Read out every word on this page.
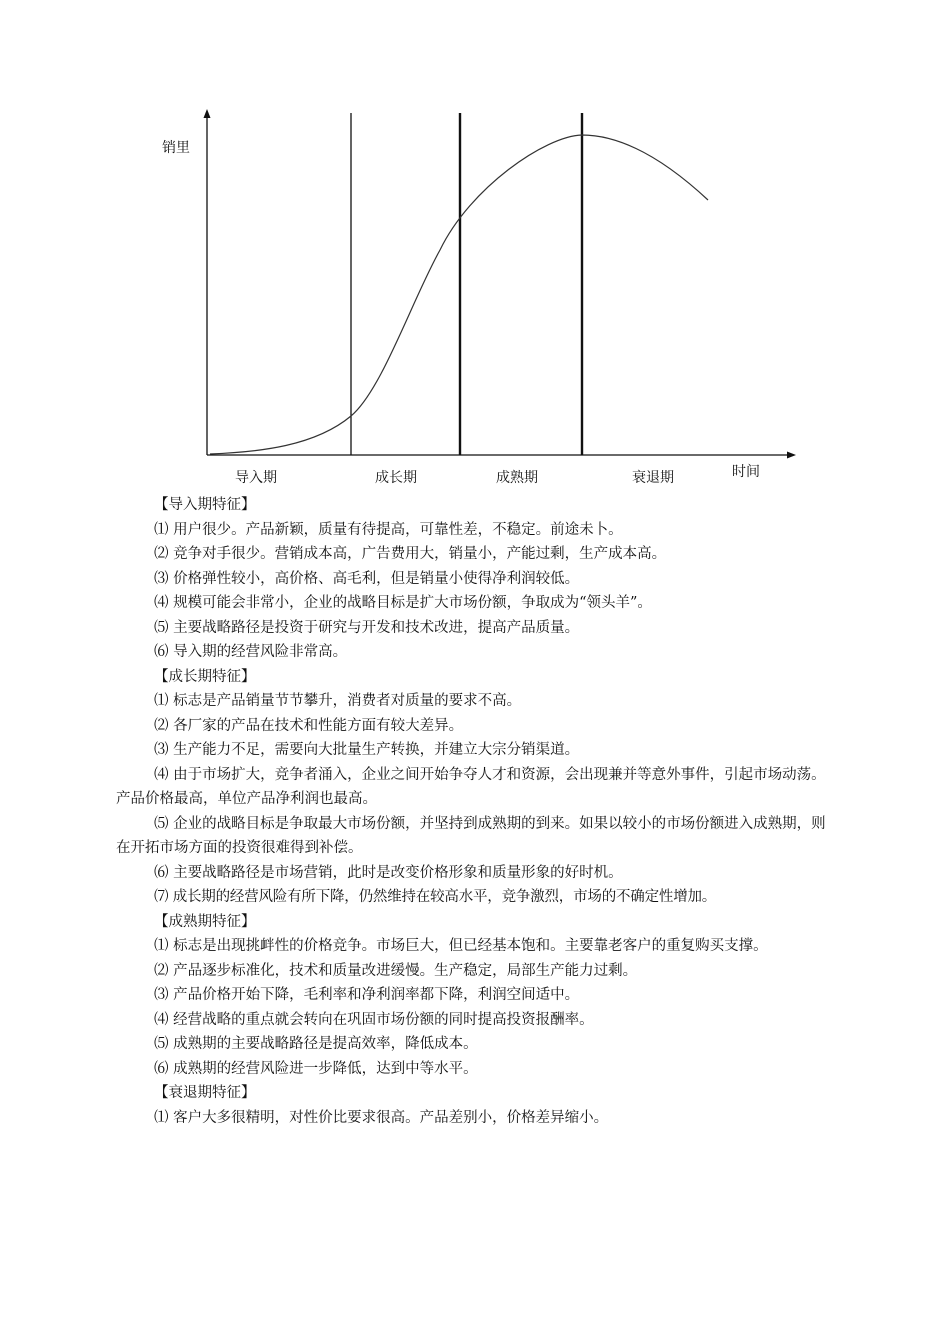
销里
时间
导入期	成长期	成熟期	衰退期
【导入期特征】
⑴ 用户很少。产品新颖，质量有待提高，可靠性差，不稳定。前途未卜。
⑵ 竞争对手很少。营销成本高，广告费用大，销量小，产能过剩，生产成本高。
⑶ 价格弹性较小，高价格、高毛利，但是销量小使得净利润较低。
⑷ 规模可能会非常小，企业的战略目标是扩大市场份额，争取成为“领头羊”。
⑸ 主要战略路径是投资于研究与开发和技术改进，提高产品质量。
⑹ 导入期的经营风险非常高。
【成长期特征】
⑴ 标志是产品销量节节攀升，消费者对质量的要求不高。
⑵ 各厂家的产品在技术和性能方面有较大差异。
⑶ 生产能力不足，需要向大批量生产转换，并建立大宗分销渠道。
⑷ 由于市场扩大，竞争者涌入，企业之间开始争夺人才和资源，会出现兼并等意外事件，引起市场动荡。产品价格最高，单位产品净利润也最高。
⑸ 企业的战略目标是争取最大市场份额，并坚持到成熟期的到来。如果以较小的市场份额进入成熟期，则在开拓市场方面的投资很难得到补偿。
⑹ 主要战略路径是市场营销，此时是改变价格形象和质量形象的好时机。
⑺ 成长期的经营风险有所下降，仍然维持在较高水平，竞争激烈，市场的不确定性增加。
【成熟期特征】
⑴ 标志是出现挑衅性的价格竞争。市场巨大，但已经基本饱和。主要靠老客户的重复购买支撑。
⑵ 产品逐步标准化，技术和质量改进缓慢。生产稳定，局部生产能力过剩。
⑶ 产品价格开始下降，毛利率和净利润率都下降，利润空间适中。
⑷ 经营战略的重点就会转向在巩固市场份额的同时提高投资报酬率。
⑸ 成熟期的主要战略路径是提高效率，降低成本。
⑹ 成熟期的经营风险进一步降低，达到中等水平。
【衰退期特征】
⑴ 客户大多很精明，对性价比要求很高。产品差别小，价格差异缩小。
